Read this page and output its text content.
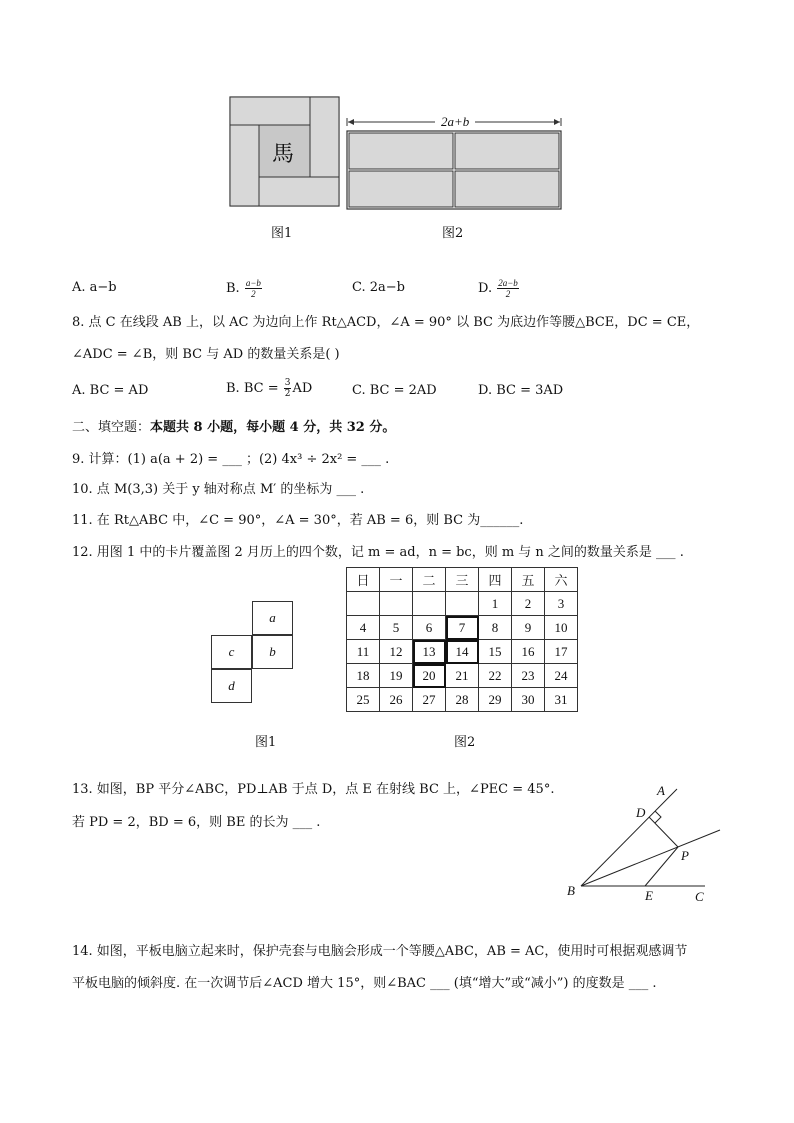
馬
图1
2a+b
图2
A. a−b	B. $\frac{a-b}{2}$	C. 2a−b	D. $\frac{2a-b}{2}$
8. 点 C 在线段 AB 上，以 AC 为边向上作 Rt△ACD，∠A = 90° 以 BC 为底边作等腰△BCE，DC = CE，
∠ADC = ∠B，则 BC 与 AD 的数量关系是( )
A. BC = AD	B. BC = $\frac{3}{2}$ AD	C. BC = 2AD	D. BC = 3AD
二、填空题：本题共 8 小题，每小题 4 分，共 32 分。
9. 计算：(1) a(a + 2) = ___ ；(2) 4x³ ÷ 2x² = ___ .
10. 点 M(3,3) 关于 y 轴对称点 M′ 的坐标为 ___ .
11. 在 Rt△ABC 中，∠C = 90°，∠A = 30°，若 AB = 6，则 BC 为______.
12. 用图 1 中的卡片覆盖图 2 月历上的四个数，记 m = ad，n = bc，则 m 与 n 之间的数量关系是 ___ .
a
c	b
d
图1
日	一	二	三	四	五	六
				1	2	3
4	5	6	7	8	9	10
11	12	13	14	15	16	17
18	19	20	21	22	23	24
25	26	27	28	29	30	31
图2
13. 如图，BP 平分∠ABC，PD⊥AB 于点 D，点 E 在射线 BC 上，∠PEC = 45°.
若 PD = 2，BD = 6，则 BE 的长为 ___ .
A
D
P
B	E	C
14. 如图，平板电脑立起来时，保护壳套与电脑会形成一个等腰△ABC，AB = AC，使用时可根据观感调节
平板电脑的倾斜度. 在一次调节后∠ACD 增大 15°，则∠BAC ___ (填“增大”或“减小”) 的度数是 ___ .
